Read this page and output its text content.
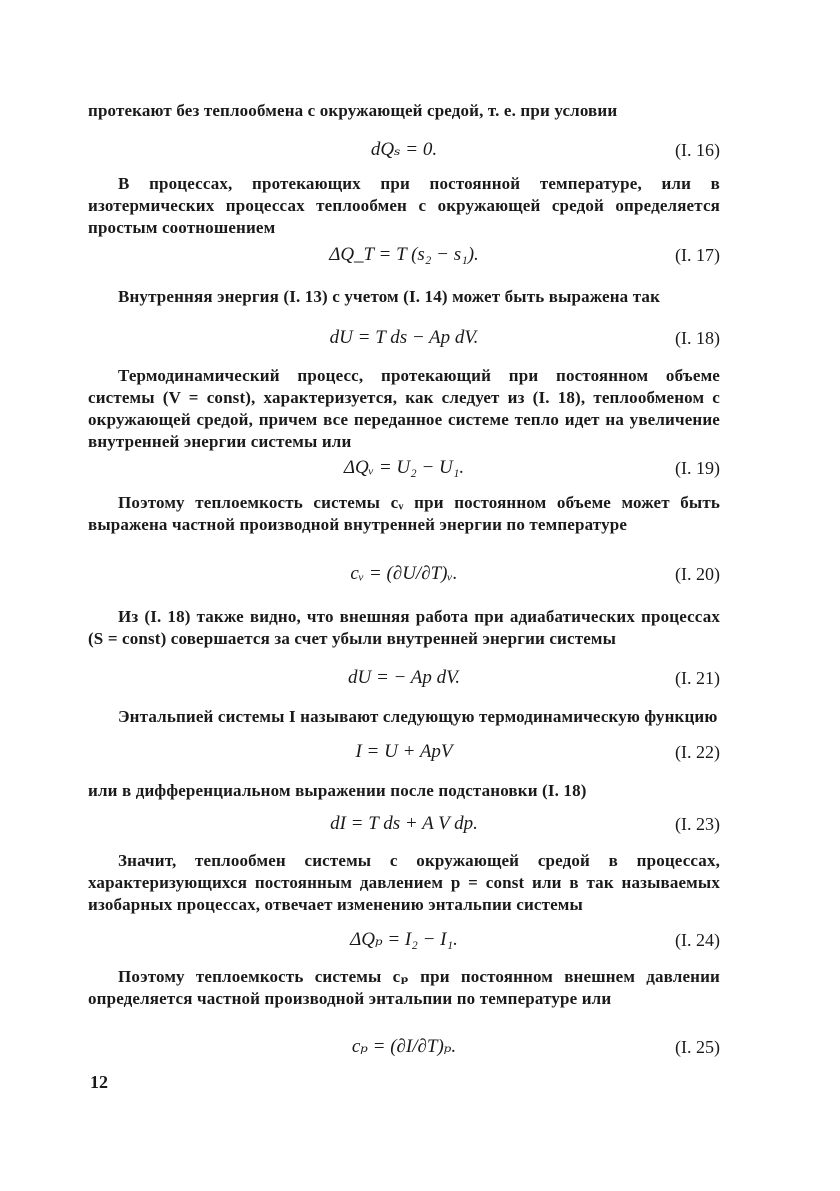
протекают без теплообмена с окружающей средой, т. е. при условии

dQₛ = 0.	(I. 16)

В процессах, протекающих при постоянной температуре, или в изотермических процессах теплообмен с окружающей средой определяется простым соотношением

ΔQ_T = T (s₂ − s₁).	(I. 17)

Внутренняя энергия (I. 13) с учетом (I. 14) может быть выражена так

dU = T ds − Ap dV.	(I. 18)

Термодинамический процесс, протекающий при постоянном объеме системы (V = const), характеризуется, как следует из (I. 18), теплообменом с окружающей средой, причем все переданное системе тепло идет на увеличение внутренней энергии системы или

ΔQᵥ = U₂ − U₁.	(I. 19)

Поэтому теплоемкость системы cᵥ при постоянном объеме может быть выражена частной производной внутренней энергии по температуре

cᵥ = (∂U/∂T)ᵥ.	(I. 20)

Из (I. 18) также видно, что внешняя работа при адиабатических процессах (S = const) совершается за счет убыли внутренней энергии системы

dU = − Ap dV.	(I. 21)

Энтальпией системы I называют следующую термодинамическую функцию

I = U + ApV	(I. 22)

или в дифференциальном выражении после подстановки (I. 18)

dI = T ds + A V dp.	(I. 23)

Значит, теплообмен системы с окружающей средой в процессах, характеризующихся постоянным давлением p = const или в так называемых изобарных процессах, отвечает изменению энтальпии системы

ΔQₚ = I₂ − I₁.	(I. 24)

Поэтому теплоемкость системы cₚ при постоянном внешнем давлении определяется частной производной энтальпии по температуре или

cₚ = (∂I/∂T)ₚ.	(I. 25)
12
